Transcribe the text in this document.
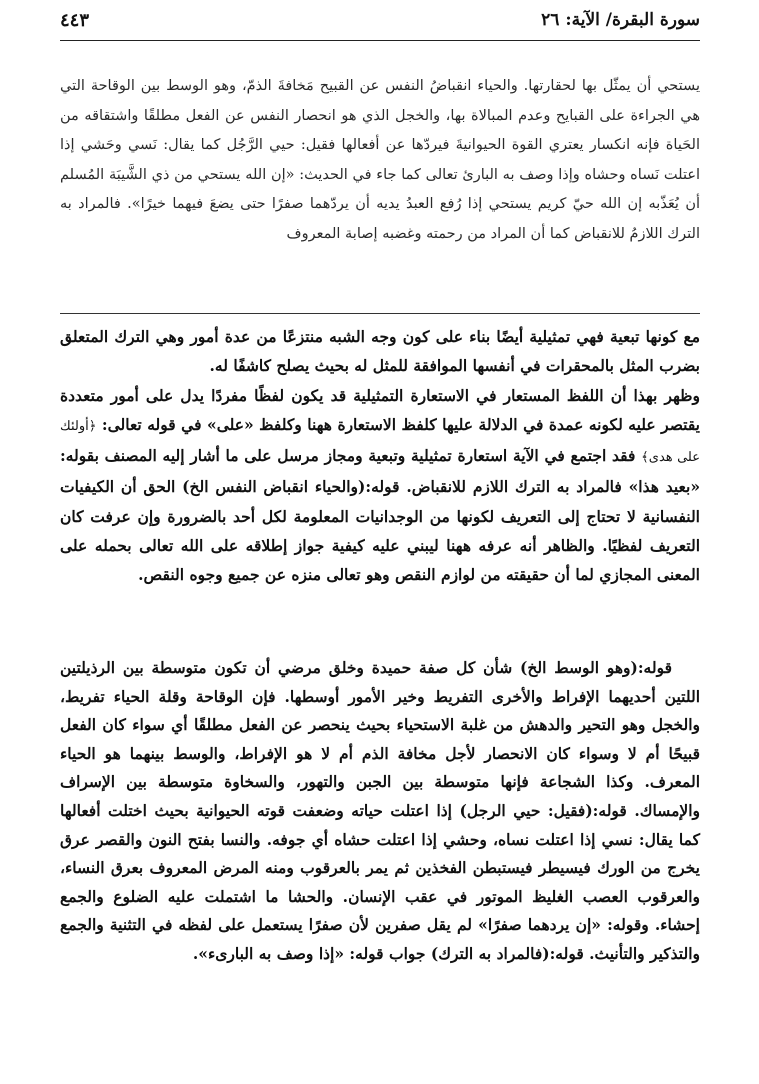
سورة البقرة/ الآية: ٢٦
٤٤٣

يستحي أن يمثّل بها لحقارتها. والحياء انقباضُ النفس عن القبيح مَخافةَ الذمّ، وهو الوسط بين الوقاحة التي هي الجراءة على القبايح وعدم المبالاة بها، والخجل الذي هو انحصار النفس عن الفعل مطلقًا واشتقاقه من الحَياة فإنه انكسار يعتري القوة الحيوانيةَ فيردّها عن أفعالها فقيل: حيي الرَّجُل كما يقال: نَسي وحَشي إذا اعتلت نَساه وحشاه وإذا وصف به البارئ تعالى كما جاء في الحديث: «إن الله يستحي من ذي الشَّيبَة المُسلم أن يُعَذّبه إن الله حيّ كريم يستحي إذا رُفع العبدُ يديه أن يردّهما صفرًا حتى يضعَ فيهما خيرًا». فالمراد به الترك اللازمُ للانقباض كما أن المراد من رحمته وغضبه إصابة المعروف

مع كونها تبعية فهي تمثيلية أيضًا بناء على كون وجه الشبه منتزعًا من عدة أمور وهي الترك المتعلق بضرب المثل بالمحقرات في أنفسها الموافقة للمثل له بحيث يصلح كاشفًا له.

وظهر بهذا أن اللفظ المستعار في الاستعارة التمثيلية قد يكون لفظًا مفردًا يدل على أمور متعددة يقتصر عليه لكونه عمدة في الدلالة عليها كلفظ الاستعارة ههنا وكلفظ «على» في قوله تعالى: ﴿أولئك على هدى﴾ فقد اجتمع في الآية استعارة تمثيلية وتبعية ومجاز مرسل على ما أشار إليه المصنف بقوله: «بعيد هذا» فالمراد به الترك اللازم للانقباض. قوله:(والحياء انقباض النفس الخ) الحق أن الكيفيات النفسانية لا تحتاج إلى التعريف لكونها من الوجدانيات المعلومة لكل أحد بالضرورة وإن عرفت كان التعريف لفظيًا. والظاهر أنه عرفه ههنا ليبني عليه كيفية جواز إطلاقه على الله تعالى بحمله على المعنى المجازي لما أن حقيقته من لوازم النقص وهو تعالى منزه عن جميع وجوه النقص.

قوله:(وهو الوسط الخ) شأن كل صفة حميدة وخلق مرضي أن تكون متوسطة بين الرذيلتين اللتين أحديهما الإفراط والأخرى التفريط وخير الأمور أوسطها. فإن الوقاحة وقلة الحياء تفريط، والخجل وهو التحير والدهش من غلبة الاستحياء بحيث ينحصر عن الفعل مطلقًا أي سواء كان الفعل قبيحًا أم لا وسواء كان الانحصار لأجل مخافة الذم أم لا هو الإفراط، والوسط بينهما هو الحياء المعرف. وكذا الشجاعة فإنها متوسطة بين الجبن والتهور، والسخاوة متوسطة بين الإسراف والإمساك. قوله:(فقيل: حيي الرجل) إذا اعتلت حياته وضعفت قوته الحيوانية بحيث اختلت أفعالها كما يقال: نسي إذا اعتلت نساه، وحشي إذا اعتلت حشاه أي جوفه. والنسا بفتح النون والقصر عرق يخرج من الورك فيسيطر فيستبطن الفخذين ثم يمر بالعرقوب ومنه المرض المعروف بعرق النساء، والعرقوب العصب الغليظ الموتور في عقب الإنسان. والحشا ما اشتملت عليه الضلوع والجمع إحشاء. وقوله: «إن يردهما صفرًا» لم يقل صفرين لأن صفرًا يستعمل على لفظه في التثنية والجمع والتذكير والتأنيث. قوله:(فالمراد به الترك) جواب قوله: «إذا وصف به البارىء».
